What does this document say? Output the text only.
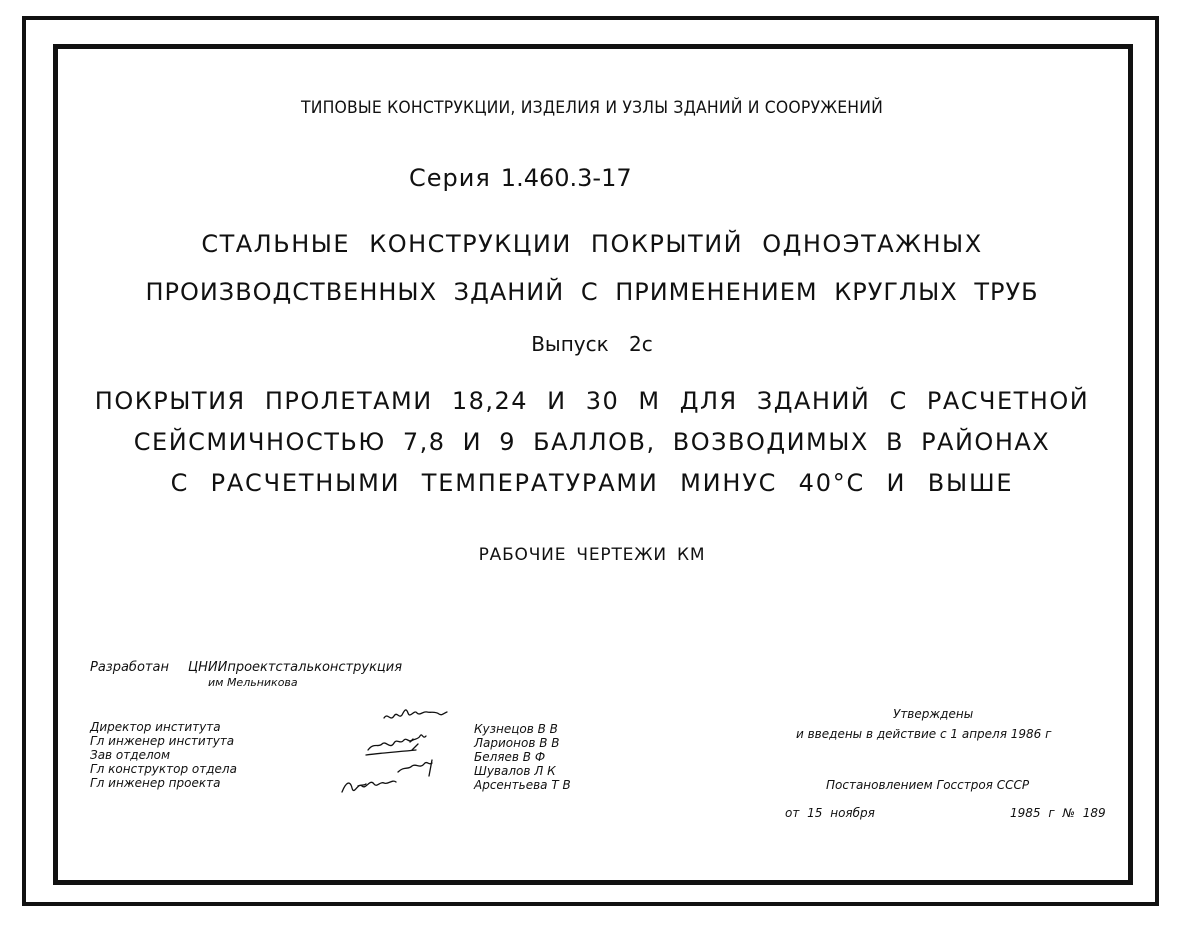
ТИПОВЫЕ КОНСТРУКЦИИ, ИЗДЕЛИЯ И УЗЛЫ ЗДАНИЙ И СООРУЖЕНИЙ
Серия 1.460.3-17
СТАЛЬНЫЕ КОНСТРУКЦИИ ПОКРЫТИЙ ОДНОЭТАЖНЫХ
ПРОИЗВОДСТВЕННЫХ ЗДАНИЙ С ПРИМЕНЕНИЕМ КРУГЛЫХ ТРУБ
Выпуск 2с
ПОКРЫТИЯ ПРОЛЕТАМИ 18,24 И 30 М ДЛЯ ЗДАНИЙ С РАСЧЕТНОЙ
СЕЙСМИЧНОСТЬЮ 7,8 И 9 БАЛЛОВ, ВОЗВОДИМЫХ В РАЙОНАХ
С РАСЧЕТНЫМИ ТЕМПЕРАТУРАМИ МИНУС 40°С И ВЫШЕ
РАБОЧИЕ ЧЕРТЕЖИ КМ
Разработан ЦНИИпроектстальконструкция
им Мельникова
Директор института
Гл инженер института
Зав отделом
Гл конструктор отдела
Гл инженер проекта
Кузнецов В В
Ларионов В В
Беляев В Ф
Шувалов Л К
Арсентьева Т В
Утверждены
и введены в действие с 1 апреля 1986 г
Постановлением Госстроя СССР
от 15 ноября	1985 г № 189
